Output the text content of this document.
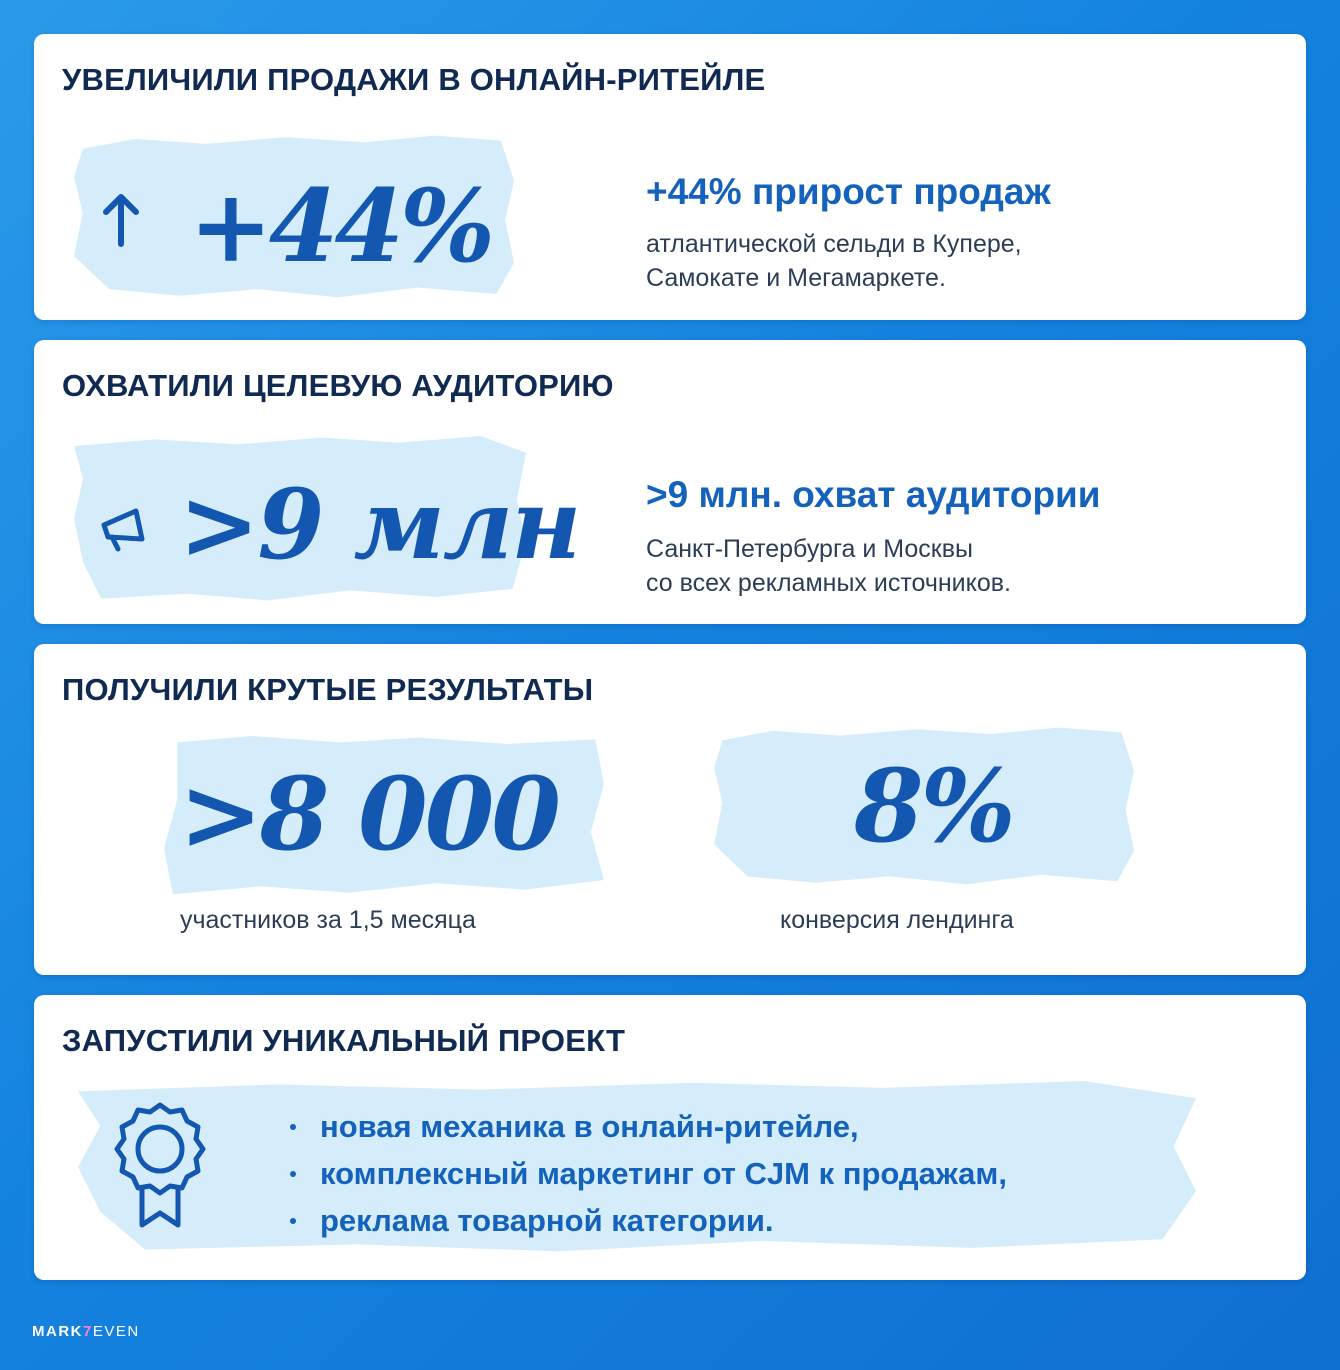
УВЕЛИЧИЛИ ПРОДАЖИ В ОНЛАЙН-РИТЕЙЛЕ
+44%	+44% прирост продаж

атлантической сельди в Купере,
Самокате и Мегамаркете.

ОХВАТИЛИ ЦЕЛЕВУЮ АУДИТОРИЮ
>9 млн >9 млн. охват аудитории

Санкт-Петербурга и Москвы
со всех рекламных источников.

ПОЛУЧИЛИ КРУТЫЕ РЕЗУЛЬТАТЫ
>8 000	8%

участников за 1,5 месяца	конверсия лендинга

ЗАПУСТИЛИ УНИКАЛЬНЫЙ ПРОЕКТ
новая механика в онлайн-ритейле,
комплексный маркетинг от CJM к продажам,
реклама товарной категории.

MARK7EVEN
